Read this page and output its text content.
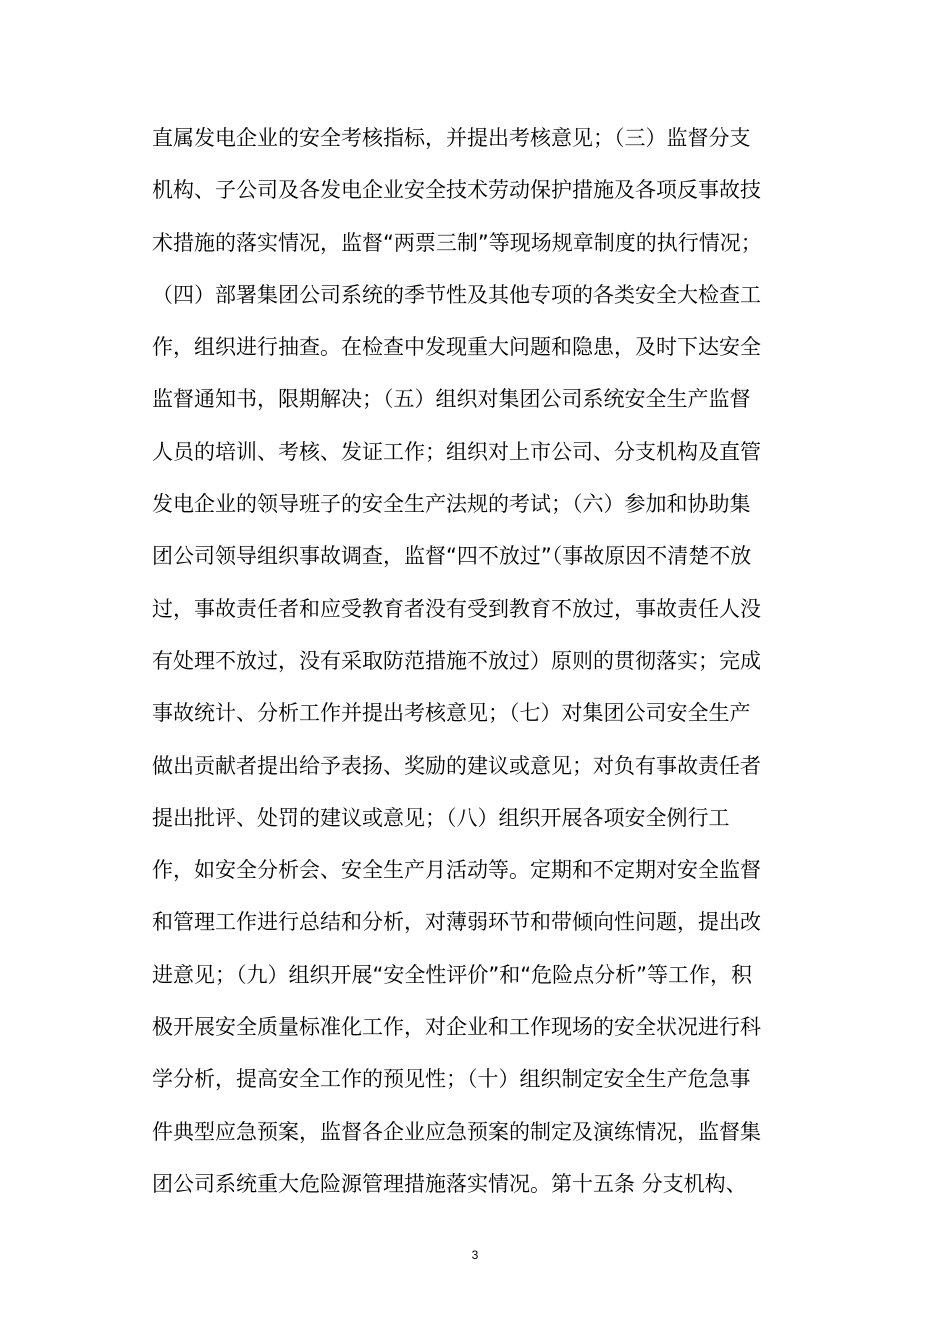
直属发电企业的安全考核指标，并提出考核意见；（三）监督分支
机构、子公司及各发电企业安全技术劳动保护措施及各项反事故技
术措施的落实情况，监督“两票三制”等现场规章制度的执行情况；
（四）部署集团公司系统的季节性及其他专项的各类安全大检查工
作，组织进行抽查。在检查中发现重大问题和隐患，及时下达安全
监督通知书，限期解决；（五）组织对集团公司系统安全生产监督
人员的培训、考核、发证工作；组织对上市公司、分支机构及直管
发电企业的领导班子的安全生产法规的考试；（六）参加和协助集
团公司领导组织事故调查，监督“四不放过”（事故原因不清楚不放
过，事故责任者和应受教育者没有受到教育不放过，事故责任人没
有处理不放过，没有采取防范措施不放过）原则的贯彻落实；完成
事故统计、分析工作并提出考核意见；（七）对集团公司安全生产
做出贡献者提出给予表扬、奖励的建议或意见；对负有事故责任者
提出批评、处罚的建议或意见；（八）组织开展各项安全例行工
作，如安全分析会、安全生产月活动等。定期和不定期对安全监督
和管理工作进行总结和分析，对薄弱环节和带倾向性问题，提出改
进意见；（九）组织开展“安全性评价”和“危险点分析”等工作，积
极开展安全质量标准化工作，对企业和工作现场的安全状况进行科
学分析，提高安全工作的预见性；（十）组织制定安全生产危急事
件典型应急预案，监督各企业应急预案的制定及演练情况，监督集
团公司系统重大危险源管理措施落实情况。第十五条 分支机构、
3
